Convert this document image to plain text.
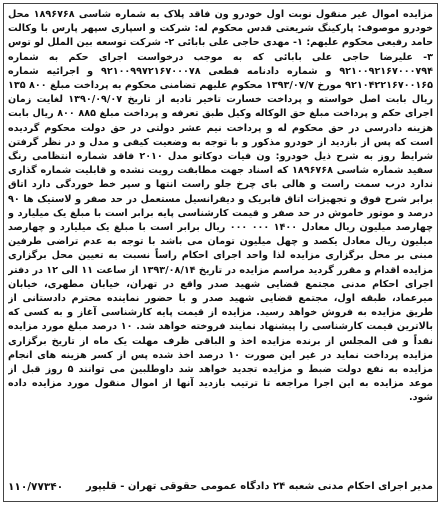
مزایده اموال غیر منقول نوبت اول خودرو ون فاقد پلاک به شماره شاسی ۱۸۹۶۷۶۸ محل خودرو موصوف: پارکینگ شریعتی قدس محکوم له: شرکت و اسپاری سپهر پارس با وکالت حامد رفیعی محکوم علیهم: ۱- مهدی حاجی علی بابائی ۲- شرکت توسعه بین الملل لو توس ۳- علیرضا حاجی علی بابائی که به موجب درخواست اجرای حکم به شماره ۹۲۱۰۰۹۲۱۶۷۰۰۰۷۹۴ و شماره دادنامه قطعی ۹۲۱۰۰۹۹۷۲۱۶۷۰۰۰۷۸ و اجرائیه شماره ۹۲۱۰۴۲۲۱۶۷۰۰۱۶۵ مورخ ۱۳۹۳/۰۷/۷ محکوم علیهم تضامنی محکوم به پرداخت مبلغ ۸۰۰ ۱۳۵ ریال بابت اصل خواسته و پرداخت خسارت تاخیر تادیه از تاریخ ۱۳۹۰/۰۹/۰۷ لغایت زمان اجرای حکم و پرداخت مبلغ حق الوکاله وکیل طبق تعرفه و پرداخت مبلغ ۸۸۵ ۸۰۰ ریال بابت هزینه دادرسی در حق محکوم له و پرداخت نیم عشر دولتی در حق دولت محکوم گردیده است که پس از بازدید از خودرو مذکور و با توجه به وضعیت کیفی و مدل و در نظر گرفتن شرایط روز به شرح ذیل خودرو: ون فیات دوکاتو مدل ۲۰۱۰ فاقد شماره انتظامی رنگ سفید شماره شاسی ۱۸۹۶۷۶۸ که اسناد جهت مطابقت رویت نشده و قابلیت شماره گذاری ندارد درب سمت راست و هالی بای چرخ جلو راست انتها و سپر خط خوردگی دارد اتاق برابر شرح فوق و تجهیزات اتاق فابریک و دیفرانسیل مستعمل در حد صفر و لاستیک ها ۹۰ درصد و موتور خاموش در حد صفر و قیمت کارشناسی پایه برابر است با مبلغ یک میلیارد و چهارصد میلیون ریال معادل ۱۴۰۰ ۰۰۰ ۰۰۰ ریال برابر است با مبلغ یک میلیارد و چهارصد میلیون ریال معادل یکصد و چهل میلیون تومان می باشد با توجه به عدم تراضی طرفین مبنی بر محل برگزاری مزایده لذا واحد اجرای احکام راساً نسبت به تعیین محل برگزاری مزایده اقدام و مقرر گردید مراسم مزایده در تاریخ ۱۳۹۳/۰۸/۱۴ از ساعت ۱۱ الی ۱۲ در دفتر اجرای احکام مدنی مجتمع قضایی شهید صدر واقع در تهران، خیابان مطهری، خیابان میرعماد، طبقه اول، مجتمع قضایی شهید صدر و با حضور نماینده محترم دادستانی از طریق مزایده به فروش خواهد رسید. مزایده از قیمت پایه کارشناسی آغاز و به کسی که بالاترین قیمت کارشناسی را پیشنهاد نمایند فروخته خواهد شد. ۱۰ درصد مبلغ مورد مزایده نقداً و فی المجلس از برنده مزایده اخذ و الباقی ظرف مهلت یک ماه از تاریخ برگزاری مزایده پرداخت نماید در غیر این صورت ۱۰ درصد اخذ شده پس از کسر هزینه های انجام مزایده به نفع دولت ضبط و مزایده تجدید خواهد شد داوطلبین می توانند ۵ روز قبل از موعد مزایده به این اجرا مراجعه تا ترتیب بازدید آنها از اموال منقول مورد مزایده داده شود.
مدیر اجرای احکام مدنی شعبه ۲۴ دادگاه عمومی حقوقی تهران - قلیپور
۱۱۰/۷۷۳۴۰
